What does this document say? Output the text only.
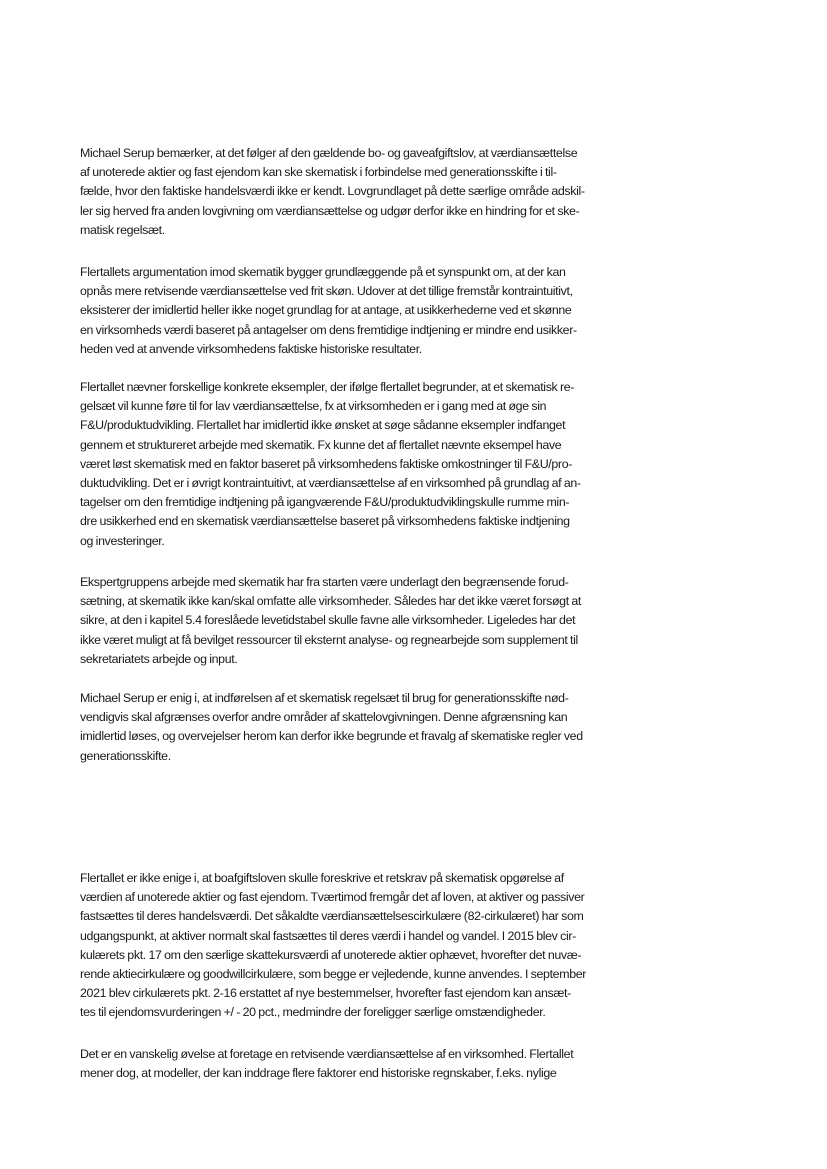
Michael Serup bemærker, at det følger af den gældende bo- og gaveafgiftslov, at værdiansættelse
af unoterede aktier og fast ejendom kan ske skematisk i forbindelse med generationsskifte i til-
fælde, hvor den faktiske handelsværdi ikke er kendt. Lovgrundlaget på dette særlige område adskil-
ler sig herved fra anden lovgivning om værdiansættelse og udgør derfor ikke en hindring for et ske-
matisk regelsæt.
Flertallets argumentation imod skematik bygger grundlæggende på et synspunkt om, at der kan
opnås mere retvisende værdiansættelse ved frit skøn. Udover at det tillige fremstår kontraintuitivt,
eksisterer der imidlertid heller ikke noget grundlag for at antage, at usikkerhederne ved et skønne
en virksomheds værdi baseret på antagelser om dens fremtidige indtjening er mindre end usikker-
heden ved at anvende virksomhedens faktiske historiske resultater.
Flertallet nævner forskellige konkrete eksempler, der ifølge flertallet begrunder, at et skematisk re-
gelsæt vil kunne føre til for lav værdiansættelse, fx at virksomheden er i gang med at øge sin
F&U/produktudvikling. Flertallet har imidlertid ikke ønsket at søge sådanne eksempler indfanget
gennem et struktureret arbejde med skematik. Fx kunne det af flertallet nævnte eksempel have
været løst skematisk med en faktor baseret på virksomhedens faktiske omkostninger til F&U/pro-
duktudvikling. Det er i øvrigt kontraintuitivt, at værdiansættelse af en virksomhed på grundlag af an-
tagelser om den fremtidige indtjening på igangværende F&U/produktudviklingskulle rumme min-
dre usikkerhed end en skematisk værdiansættelse baseret på virksomhedens faktiske indtjening
og investeringer.
Ekspertgruppens arbejde med skematik har fra starten være underlagt den begrænsende forud-
sætning, at skematik ikke kan/skal omfatte alle virksomheder. Således har det ikke været forsøgt at
sikre, at den i kapitel 5.4 foreslåede levetidstabel skulle favne alle virksomheder. Ligeledes har det
ikke været muligt at få bevilget ressourcer til eksternt analyse- og regnearbejde som supplement til
sekretariatets arbejde og input.
Michael Serup er enig i, at indførelsen af et skematisk regelsæt til brug for generationsskifte nød-
vendigvis skal afgrænses overfor andre områder af skattelovgivningen. Denne afgrænsning kan
imidlertid løses, og overvejelser herom kan derfor ikke begrunde et fravalg af skematiske regler ved
generationsskifte.
Flertallet er ikke enige i, at boafgiftsloven skulle foreskrive et retskrav på skematisk opgørelse af
værdien af unoterede aktier og fast ejendom. Tværtimod fremgår det af loven, at aktiver og passiver
fastsættes til deres handelsværdi. Det såkaldte værdiansættelsescirkulære (82-cirkulæret) har som
udgangspunkt, at aktiver normalt skal fastsættes til deres værdi i handel og vandel. I 2015 blev cir-
kulærets pkt. 17 om den særlige skattekursværdi af unoterede aktier ophævet, hvorefter det nuvæ-
rende aktiecirkulære og goodwillcirkulære, som begge er vejledende, kunne anvendes. I september
2021 blev cirkulærets pkt. 2-16 erstattet af nye bestemmelser, hvorefter fast ejendom kan ansæt-
tes til ejendomsvurderingen +/ - 20 pct., medmindre der foreligger særlige omstændigheder.
Det er en vanskelig øvelse at foretage en retvisende værdiansættelse af en virksomhed. Flertallet
mener dog, at modeller, der kan inddrage flere faktorer end historiske regnskaber, f.eks. nylige
